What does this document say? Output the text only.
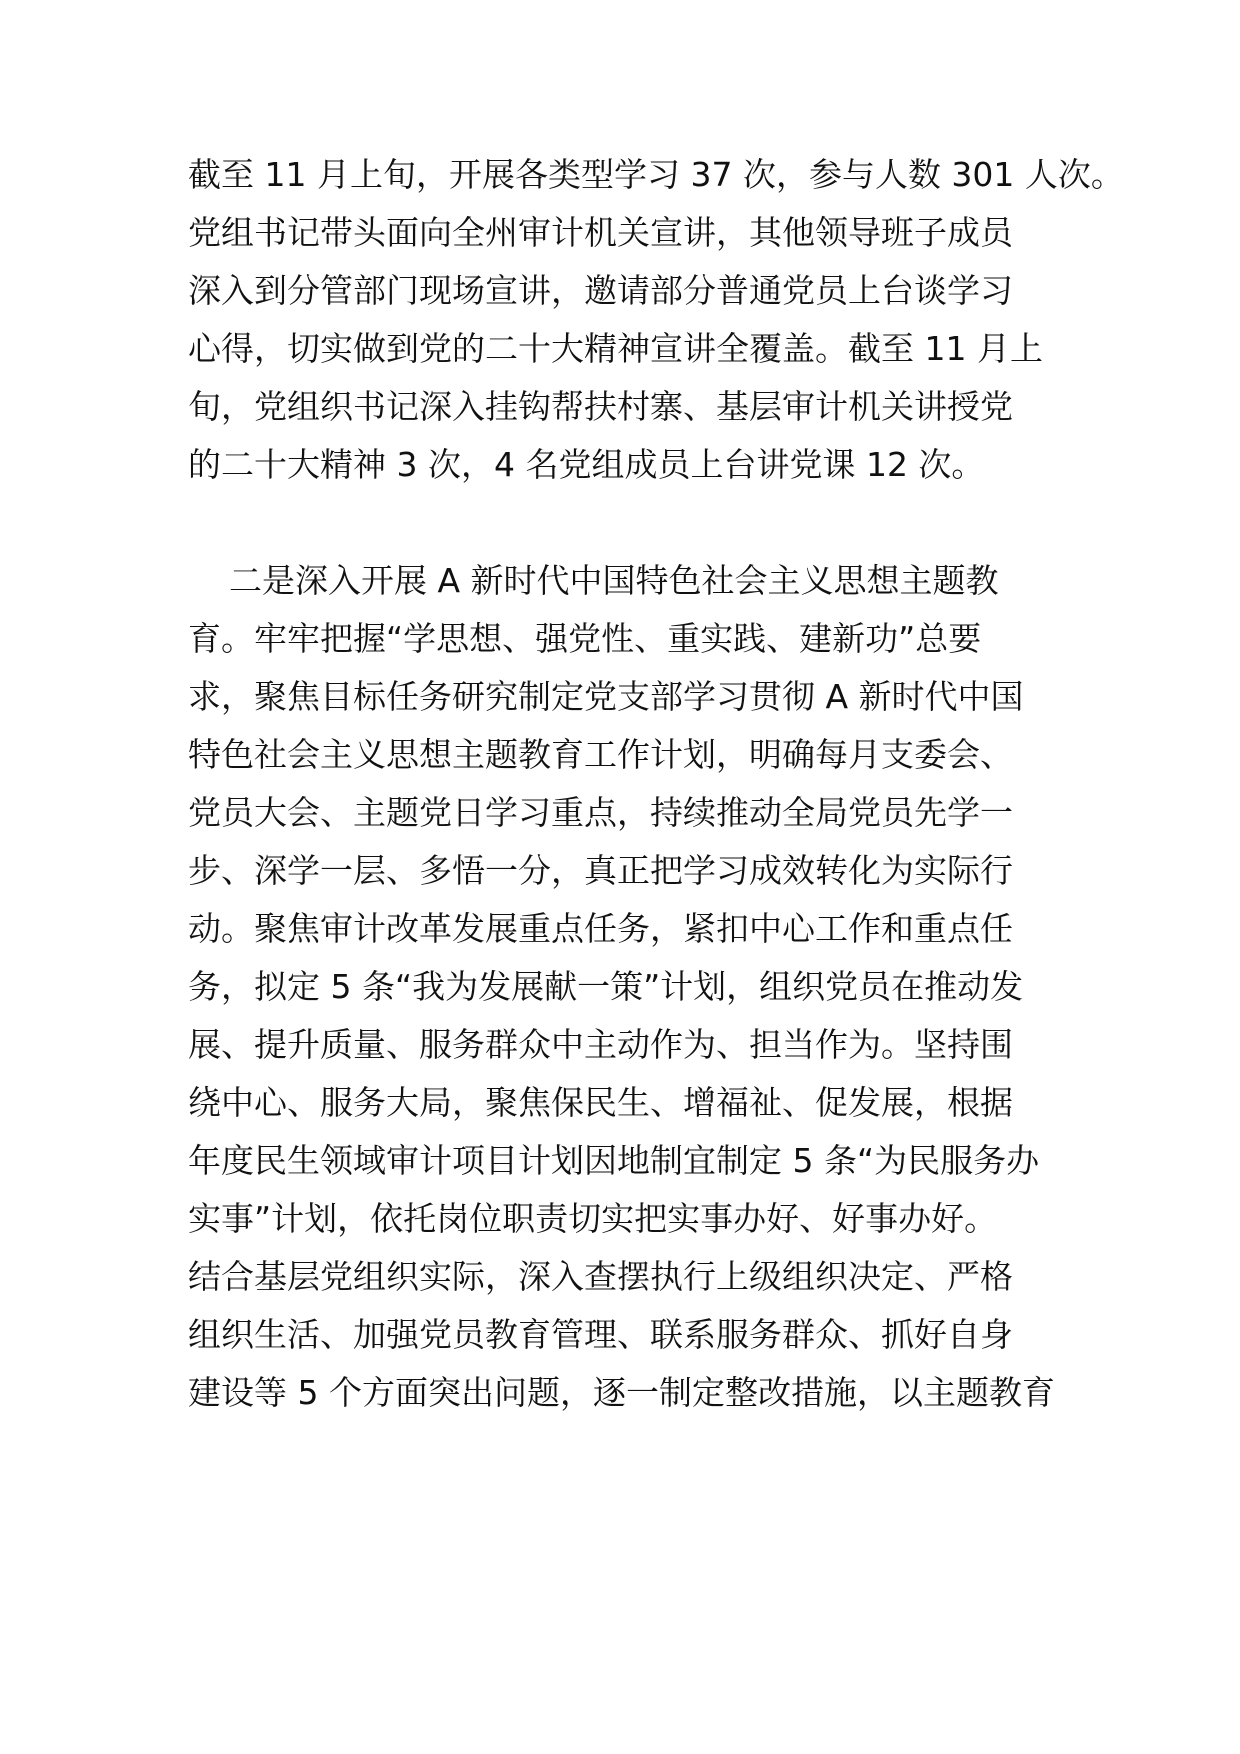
截至 11 月上旬，开展各类型学习 37 次，参与人数 301 人次。
党组书记带头面向全州审计机关宣讲，其他领导班子成员
深入到分管部门现场宣讲，邀请部分普通党员上台谈学习
心得，切实做到党的二十大精神宣讲全覆盖。截至 11 月上
旬，党组织书记深入挂钩帮扶村寨、基层审计机关讲授党
的二十大精神 3 次，4 名党组成员上台讲党课 12 次。
二是深入开展 A 新时代中国特色社会主义思想主题教
育。牢牢把握“学思想、强党性、重实践、建新功”总要
求，聚焦目标任务研究制定党支部学习贯彻 A 新时代中国
特色社会主义思想主题教育工作计划，明确每月支委会、
党员大会、主题党日学习重点，持续推动全局党员先学一
步、深学一层、多悟一分，真正把学习成效转化为实际行
动。聚焦审计改革发展重点任务，紧扣中心工作和重点任
务，拟定 5 条“我为发展献一策”计划，组织党员在推动发
展、提升质量、服务群众中主动作为、担当作为。坚持围
绕中心、服务大局，聚焦保民生、增福祉、促发展，根据
年度民生领域审计项目计划因地制宜制定 5 条“为民服务办
实事”计划，依托岗位职责切实把实事办好、好事办好。
结合基层党组织实际，深入查摆执行上级组织决定、严格
组织生活、加强党员教育管理、联系服务群众、抓好自身
建设等 5 个方面突出问题，逐一制定整改措施，以主题教育
